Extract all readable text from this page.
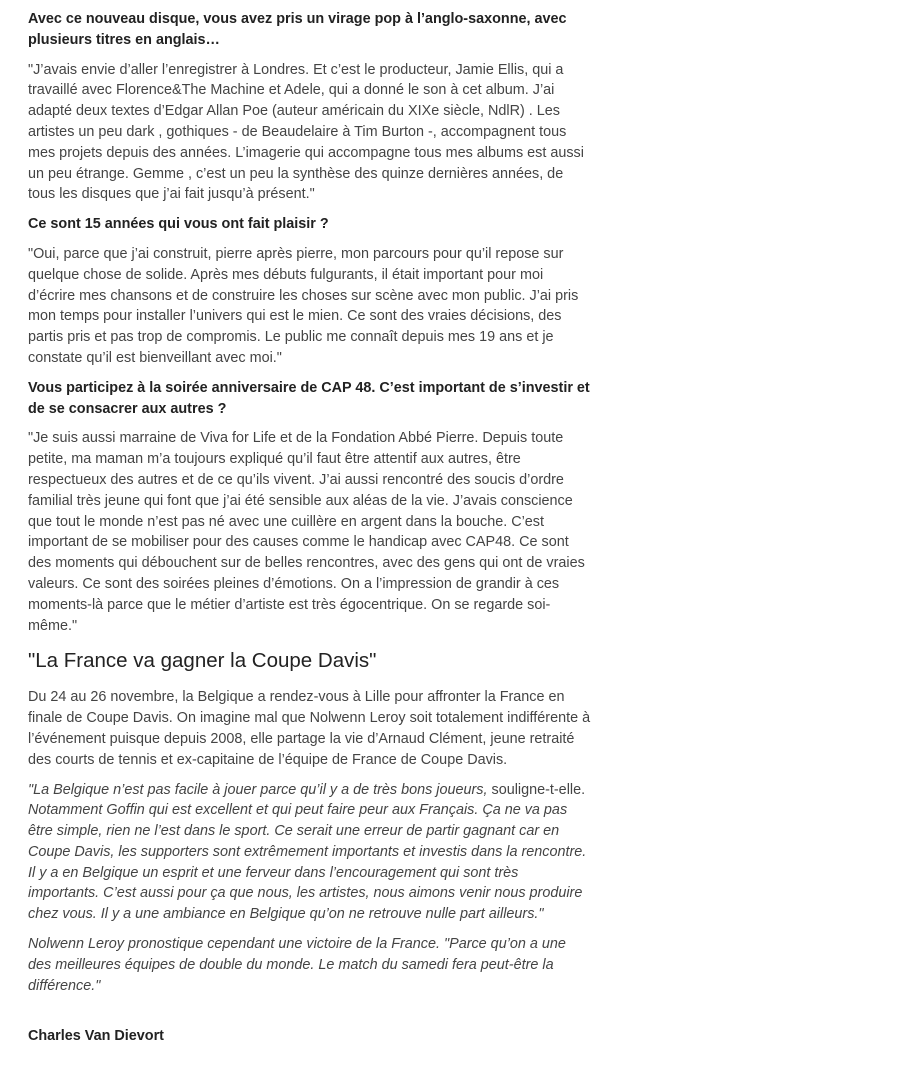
Avec ce nouveau disque, vous avez pris un virage pop à l’anglo-saxonne, avec plusieurs titres en anglais…

"J’avais envie d’aller l’enregistrer à Londres. Et c’est le producteur, Jamie Ellis, qui a travaillé avec Florence&The Machine et Adele, qui a donné le son à cet album. J’ai adapté deux textes d’Edgar Allan Poe (auteur américain du XIXe siècle, NdlR) . Les artistes un peu dark , gothiques - de Beaudelaire à Tim Burton -, accompagnent tous mes projets depuis des années. L’imagerie qui accompagne tous mes albums est aussi un peu étrange. Gemme , c’est un peu la synthèse des quinze dernières années, de tous les disques que j’ai fait jusqu’à présent."

Ce sont 15 années qui vous ont fait plaisir ?

"Oui, parce que j’ai construit, pierre après pierre, mon parcours pour qu’il repose sur quelque chose de solide. Après mes débuts fulgurants, il était important pour moi d’écrire mes chansons et de construire les choses sur scène avec mon public. J’ai pris mon temps pour installer l’univers qui est le mien. Ce sont des vraies décisions, des partis pris et pas trop de compromis. Le public me connaît depuis mes 19 ans et je constate qu’il est bienveillant avec moi."

Vous participez à la soirée anniversaire de CAP 48. C’est important de s’investir et de se consacrer aux autres ?

"Je suis aussi marraine de Viva for Life et de la Fondation Abbé Pierre. Depuis toute petite, ma maman m’a toujours expliqué qu’il faut être attentif aux autres, être respectueux des autres et de ce qu’ils vivent. J’ai aussi rencontré des soucis d’ordre familial très jeune qui font que j’ai été sensible aux aléas de la vie. J’avais conscience que tout le monde n’est pas né avec une cuillère en argent dans la bouche. C’est important de se mobiliser pour des causes comme le handicap avec CAP48. Ce sont des moments qui débouchent sur de belles rencontres, avec des gens qui ont de vraies valeurs. Ce sont des soirées pleines d’émotions. On a l’impression de grandir à ces moments-là parce que le métier d’artiste est très égocentrique. On se regarde soi-même."

"La France va gagner la Coupe Davis"

Du 24 au 26 novembre, la Belgique a rendez-vous à Lille pour affronter la France en finale de Coupe Davis. On imagine mal que Nolwenn Leroy soit totalement indifférente à l’événement puisque depuis 2008, elle partage la vie d’Arnaud Clément, jeune retraité des courts de tennis et ex-capitaine de l’équipe de France de Coupe Davis.

"La Belgique n’est pas facile à jouer parce qu’il y a de très bons joueurs, souligne-t-elle. Notamment Goffin qui est excellent et qui peut faire peur aux Français. Ça ne va pas être simple, rien ne l’est dans le sport. Ce serait une erreur de partir gagnant car en Coupe Davis, les supporters sont extrêmement importants et investis dans la rencontre. Il y a en Belgique un esprit et une ferveur dans l’encouragement qui sont très importants. C’est aussi pour ça que nous, les artistes, nous aimons venir nous produire chez vous. Il y a une ambiance en Belgique qu’on ne retrouve nulle part ailleurs."

Nolwenn Leroy pronostique cependant une victoire de la France. "Parce qu’on a une des meilleures équipes de double du monde. Le match du samedi fera peut-être la différence."

Charles Van Dievort
